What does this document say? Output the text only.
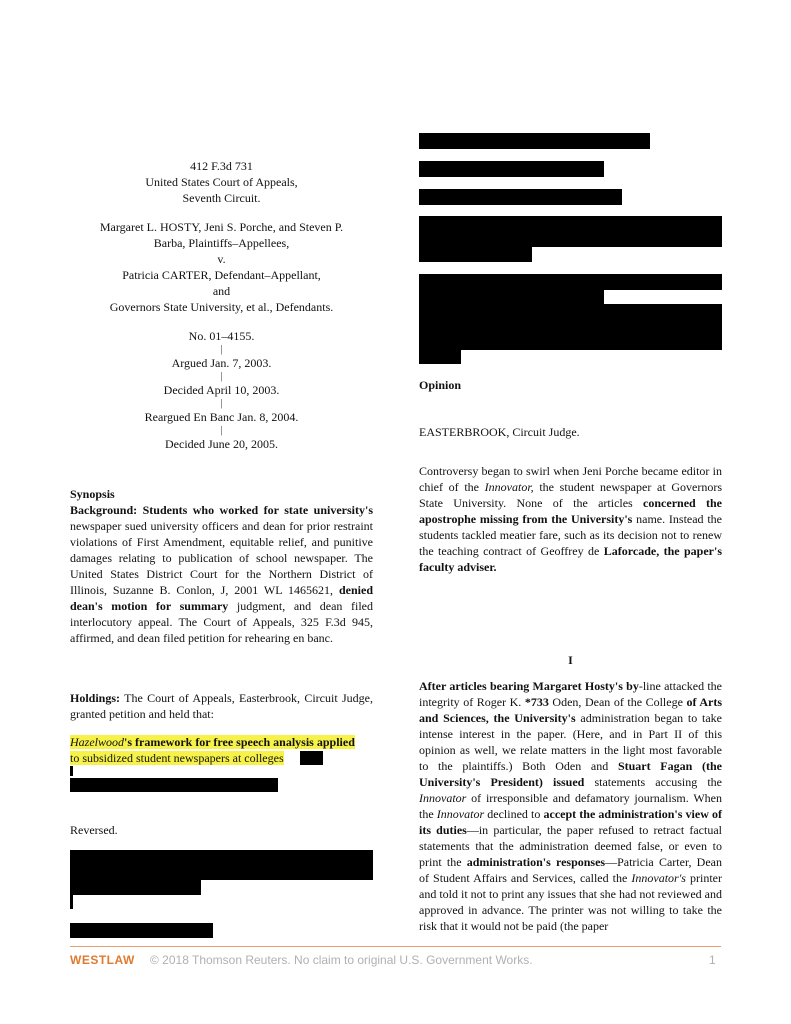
412 F.3d 731

United States Court of Appeals,

Seventh Circuit.

Margaret L. HOSTY, Jeni S. Porche, and Steven P.

Barba, Plaintiffs–Appellees,

v.

Patricia CARTER, Defendant–Appellant,

and

Governors State University, et al., Defendants.

No. 01–4155.

|

Argued Jan. 7, 2003.

|

Decided April 10, 2003.

|

Reargued En Banc Jan. 8, 2004.

|

Decided June 20, 2005.

Synopsis

Background: Students who worked for state university's newspaper sued university officers and dean for prior restraint violations of First Amendment, equitable relief, and punitive damages relating to publication of school newspaper. The United States District Court for the Northern District of Illinois, Suzanne B. Conlon, J, 2001 WL 1465621, denied dean's motion for summary judgment, and dean filed interlocutory appeal. The Court of Appeals, 325 F.3d 945, affirmed, and dean filed petition for rehearing en banc.

Holdings: The Court of Appeals, Easterbrook, Circuit Judge, granted petition and held that:

Hazelwood's framework for free speech analysis applied
to subsidized student newspapers at colleges

Reversed.

Opinion

EASTERBROOK, Circuit Judge.

Controversy began to swirl when Jeni Porche became editor in chief of the Innovator, the student newspaper at Governors State University. None of the articles concerned the apostrophe missing from the University's name. Instead the students tackled meatier fare, such as its decision not to renew the teaching contract of Geoffrey de Laforcade, the paper's faculty adviser.

I

After articles bearing Margaret Hosty's by-line attacked the integrity of Roger K. *733 Oden, Dean of the College of Arts and Sciences, the University's administration began to take intense interest in the paper. (Here, and in Part II of this opinion as well, we relate matters in the light most favorable to the plaintiffs.) Both Oden and Stuart Fagan (the University's President) issued statements accusing the Innovator of irresponsible and defamatory journalism. When the Innovator declined to accept the administration's view of its duties—in particular, the paper refused to retract factual statements that the administration deemed false, or even to print the administration's responses—Patricia Carter, Dean of Student Affairs and Services, called the Innovator's printer and told it not to print any issues that she had not reviewed and approved in advance. The printer was not willing to take the risk that it would not be paid (the paper

WESTLAW © 2018 Thomson Reuters. No claim to original U.S. Government Works.	1
